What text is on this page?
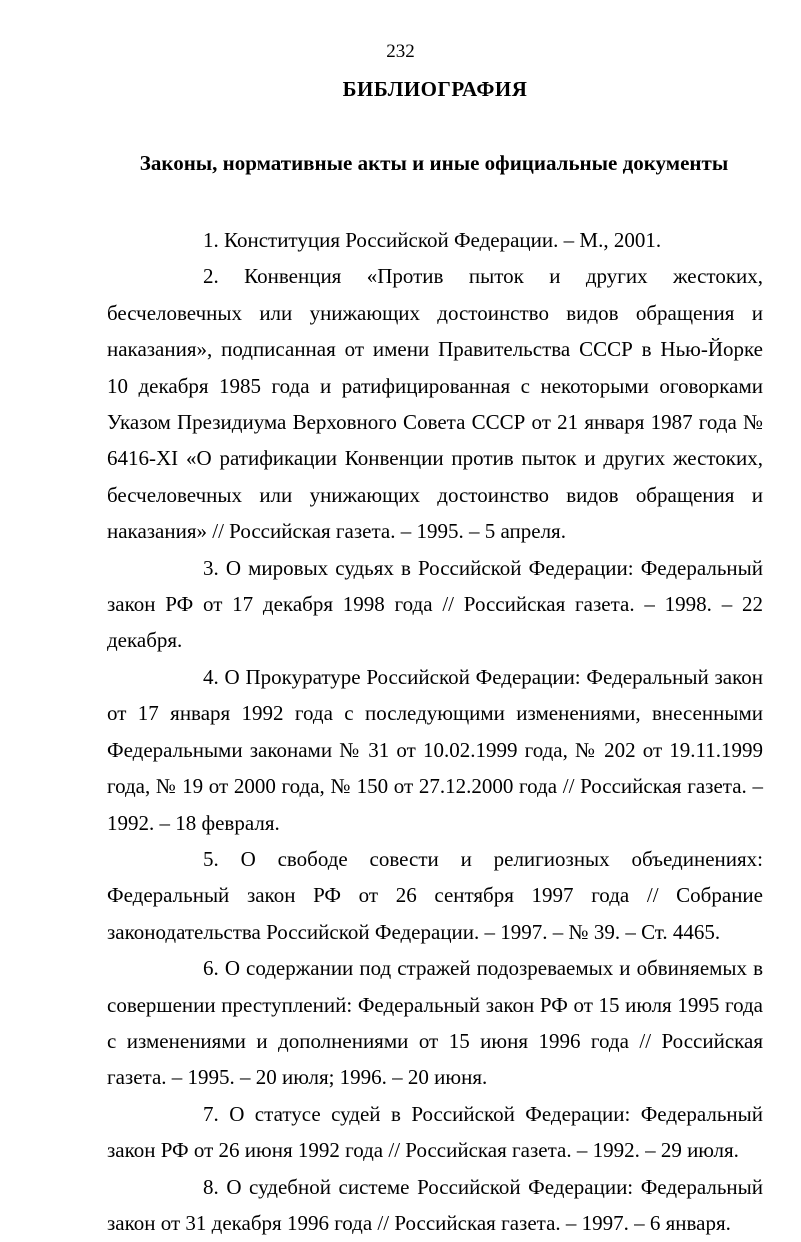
232
БИБЛИОГРАФИЯ
Законы, нормативные акты и иные официальные документы

1. Конституция Российской Федерации. – М., 2001.

2. Конвенция «Против пыток и других жестоких, бесчеловечных или унижающих достоинство видов обращения и наказания», подписанная от имени Правительства СССР в Нью-Йорке 10 декабря 1985 года и ратифицированная с некоторыми оговорками Указом Президиума Верховного Совета СССР от 21 января 1987 года № 6416-XI «О ратификации Конвенции против пыток и других жестоких, бесчеловечных или унижающих достоинство видов обращения и наказания» // Российская газета. – 1995. – 5 апреля.

3. О мировых судьях в Российской Федерации: Федеральный закон РФ от 17 декабря 1998 года // Российская газета. – 1998. – 22 декабря.

4. О Прокуратуре Российской Федерации: Федеральный закон от 17 января 1992 года с последующими изменениями, внесенными Федеральными законами № 31 от 10.02.1999 года, № 202 от 19.11.1999 года, № 19 от 2000 года, № 150 от 27.12.2000 года // Российская газета. –1992. – 18 февраля.

5. О свободе совести и религиозных объединениях: Федеральный закон РФ от 26 сентября 1997 года // Собрание законодательства Российской Федерации. – 1997. – № 39. – Ст. 4465.

6. О содержании под стражей подозреваемых и обвиняемых в совершении преступлений: Федеральный закон РФ от 15 июля 1995 года с изменениями и дополнениями от 15 июня 1996 года // Российская газета. – 1995. – 20 июля; 1996. – 20 июня.

7. О статусе судей в Российской Федерации: Федеральный закон РФ от 26 июня 1992 года // Российская газета. – 1992. – 29 июля.

8. О судебной системе Российской Федерации: Федеральный закон от 31 декабря 1996 года // Российская газета. – 1997. – 6 января.
